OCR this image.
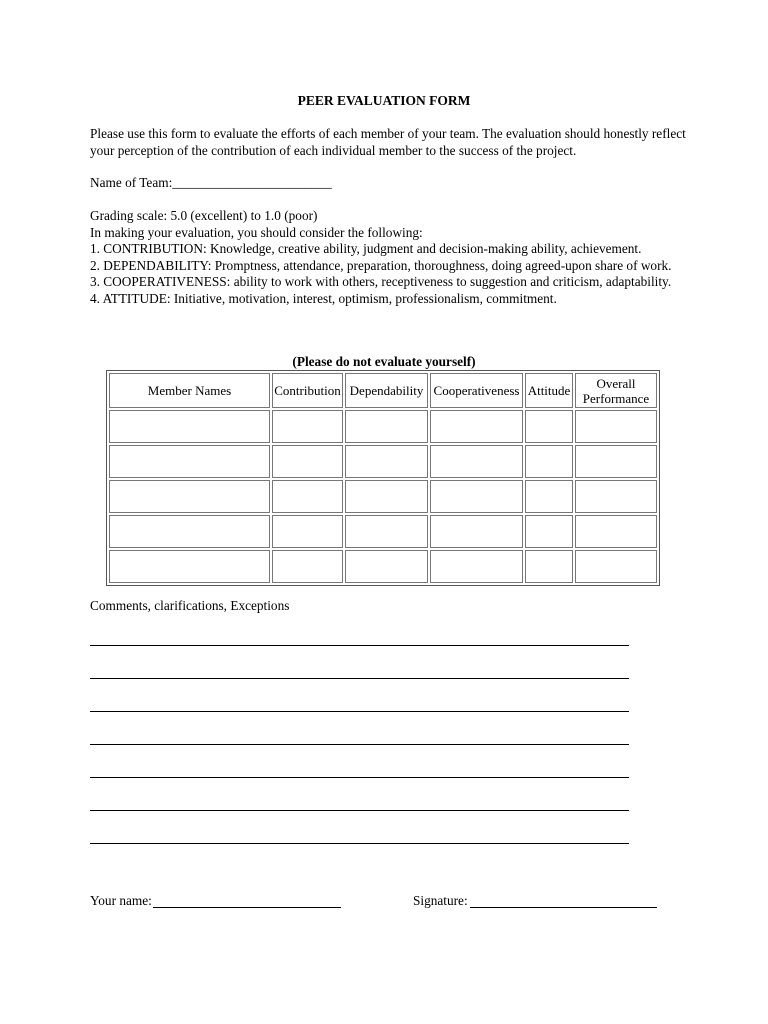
PEER EVALUATION FORM
Please use this form to evaluate the efforts of each member of your team. The evaluation should honestly reflect your perception of the contribution of each individual member to the success of the project.
Name of Team:________________________
Grading scale: 5.0 (excellent) to 1.0 (poor)
In making your evaluation, you should consider the following:
1. CONTRIBUTION: Knowledge, creative ability, judgment and decision-making ability, achievement.
2. DEPENDABILITY: Promptness, attendance, preparation, thoroughness, doing agreed-upon share of work.
3. COOPERATIVENESS: ability to work with others, receptiveness to suggestion and criticism, adaptability.
4. ATTITUDE: Initiative, motivation, interest, optimism, professionalism, commitment.
(Please do not evaluate yourself)
Member Names	Contribution	Dependability	Cooperativeness	Attitude	Overall Performance

Comments, clarifications, Exceptions
Your name:	Signature:
